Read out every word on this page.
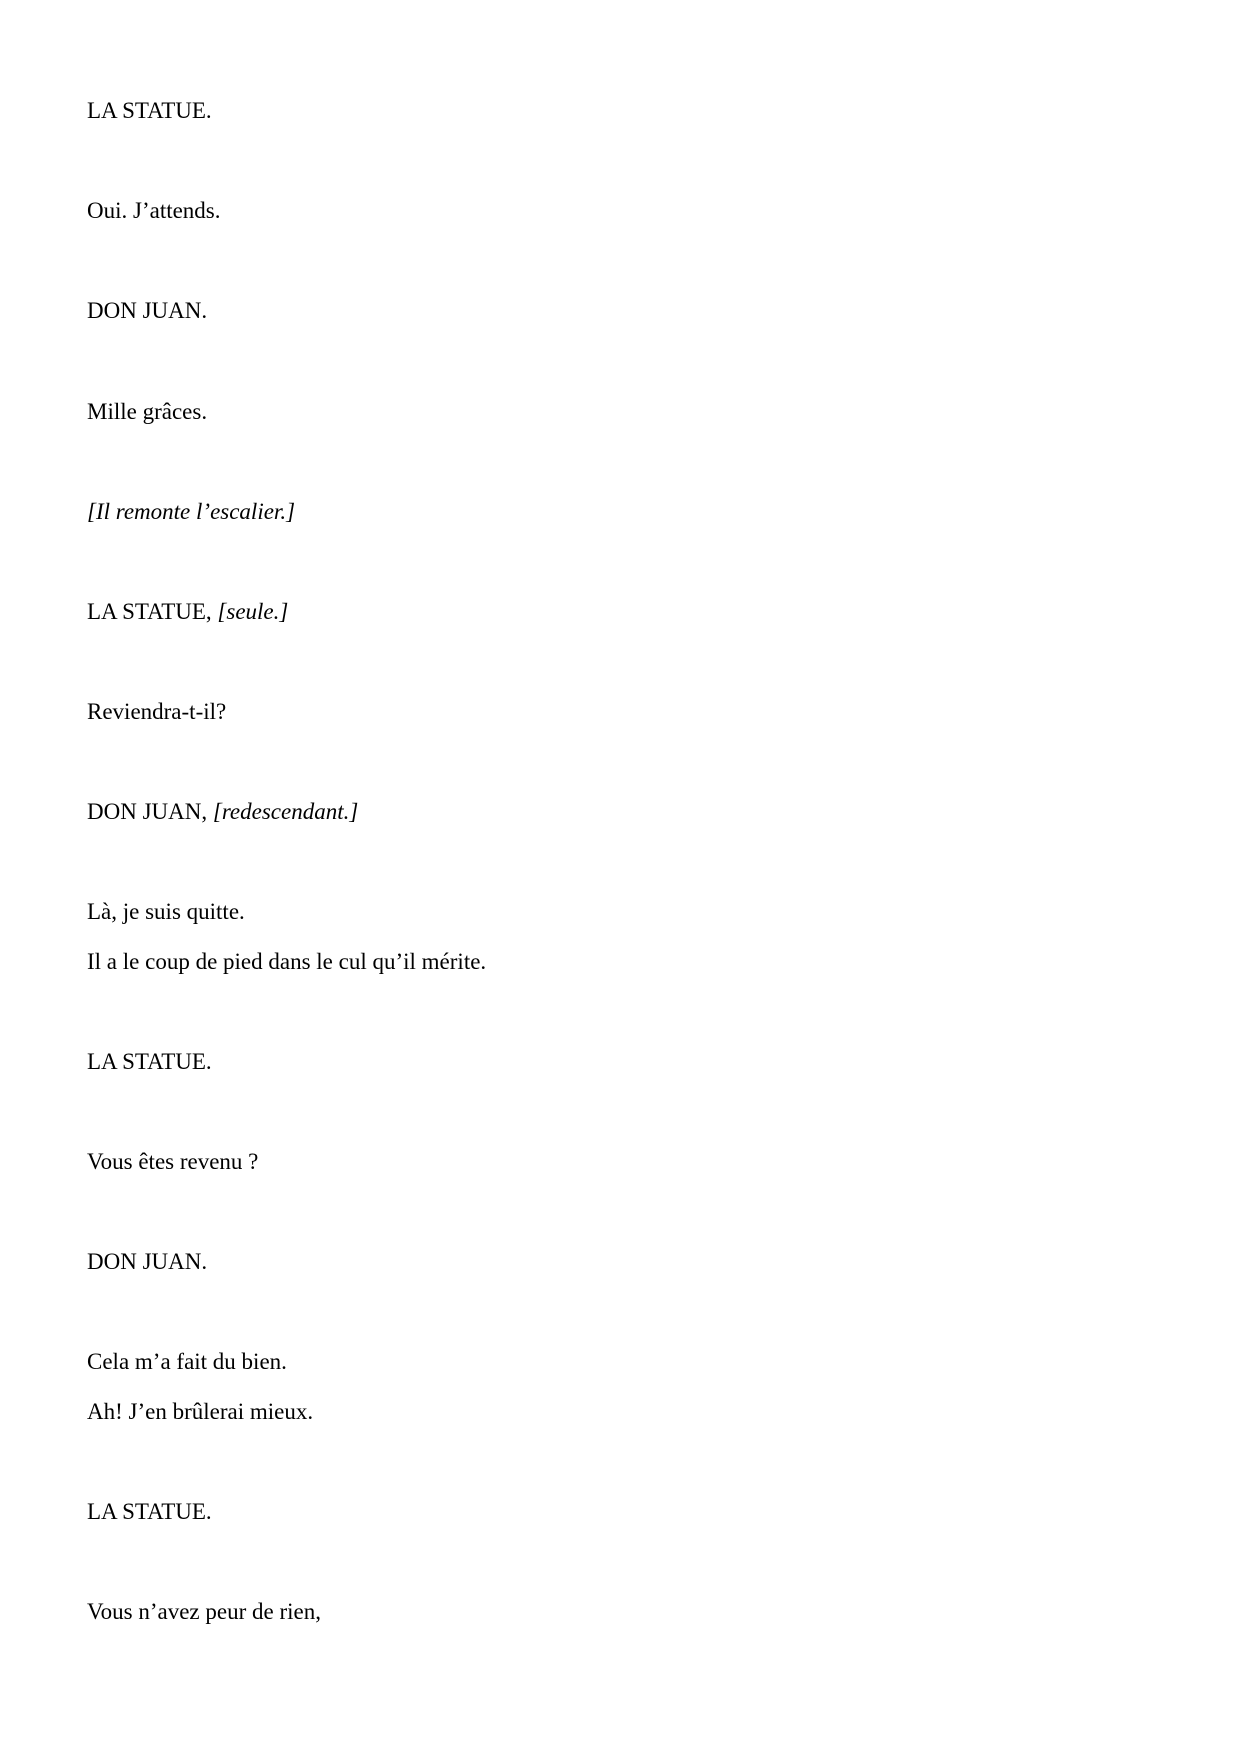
LA STATUE.
Oui. J’attends.
DON JUAN.
Mille grâces.
[Il remonte l’escalier.]
LA STATUE, [seule.]
Reviendra-t-il?
DON JUAN, [redescendant.]
Là, je suis quitte.
Il a le coup de pied dans le cul qu’il mérite.
LA STATUE.
Vous êtes revenu ?
DON JUAN.
Cela m’a fait du bien.
Ah! J’en brûlerai mieux.
LA STATUE.
Vous n’avez peur de rien,
